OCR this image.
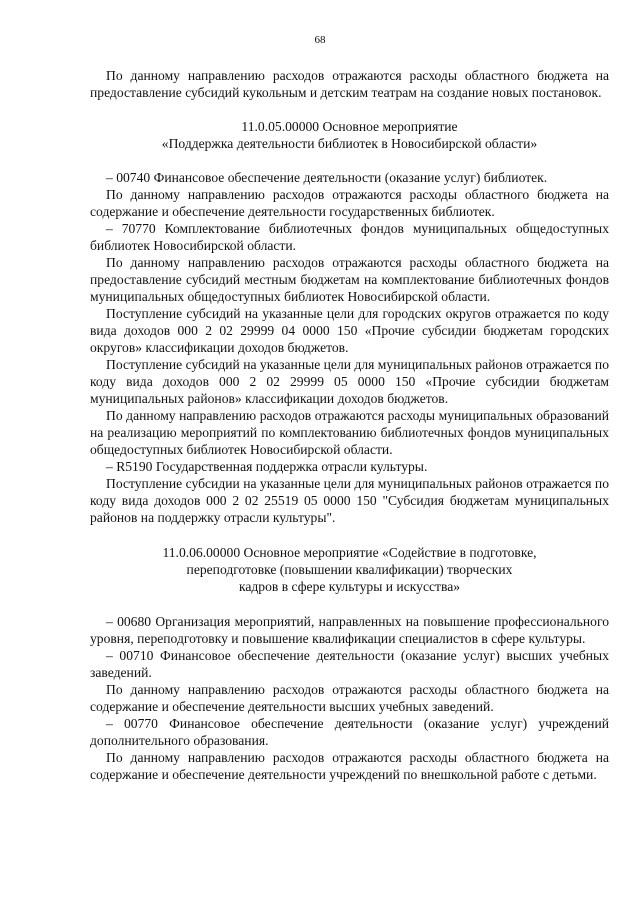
68

По данному направлению расходов отражаются расходы областного бюджета на предоставление субсидий кукольным и детским театрам на создание новых постановок.

11.0.05.00000 Основное мероприятие

«Поддержка деятельности библиотек в Новосибирской области»

– 00740 Финансовое обеспечение деятельности (оказание услуг) библиотек.

По данному направлению расходов отражаются расходы областного бюджета на содержание и обеспечение деятельности государственных библиотек.

– 70770 Комплектование библиотечных фондов муниципальных общедоступных библиотек Новосибирской области.

По данному направлению расходов отражаются расходы областного бюджета на предоставление субсидий местным бюджетам на комплектование библиотечных фондов муниципальных общедоступных библиотек Новосибирской области.

Поступление субсидий на указанные цели для городских округов отражается по коду вида доходов 000 2 02 29999 04 0000 150 «Прочие субсидии бюджетам городских округов» классификации доходов бюджетов.

Поступление субсидий на указанные цели для муниципальных районов отражается по коду вида доходов 000 2 02 29999 05 0000 150 «Прочие субсидии бюджетам муниципальных районов» классификации доходов бюджетов.

По данному направлению расходов отражаются расходы муниципальных образований на реализацию мероприятий по комплектованию библиотечных фондов муниципальных общедоступных библиотек Новосибирской области.

– R5190 Государственная поддержка отрасли культуры.

Поступление субсидии на указанные цели для муниципальных районов отражается по коду вида доходов 000 2 02 25519 05 0000 150 "Субсидия бюджетам муниципальных районов на поддержку отрасли культуры".

11.0.06.00000 Основное мероприятие «Содействие в подготовке,

переподготовке (повышении квалификации) творческих

кадров в сфере культуры и искусства»

– 00680 Организация мероприятий, направленных на повышение профессионального уровня, переподготовку и повышение квалификации специалистов в сфере культуры.

– 00710 Финансовое обеспечение деятельности (оказание услуг) высших учебных заведений.

По данному направлению расходов отражаются расходы областного бюджета на содержание и обеспечение деятельности высших учебных заведений.

– 00770 Финансовое обеспечение деятельности (оказание услуг) учреждений дополнительного образования.

По данному направлению расходов отражаются расходы областного бюджета на содержание и обеспечение деятельности учреждений по внешкольной работе с детьми.
